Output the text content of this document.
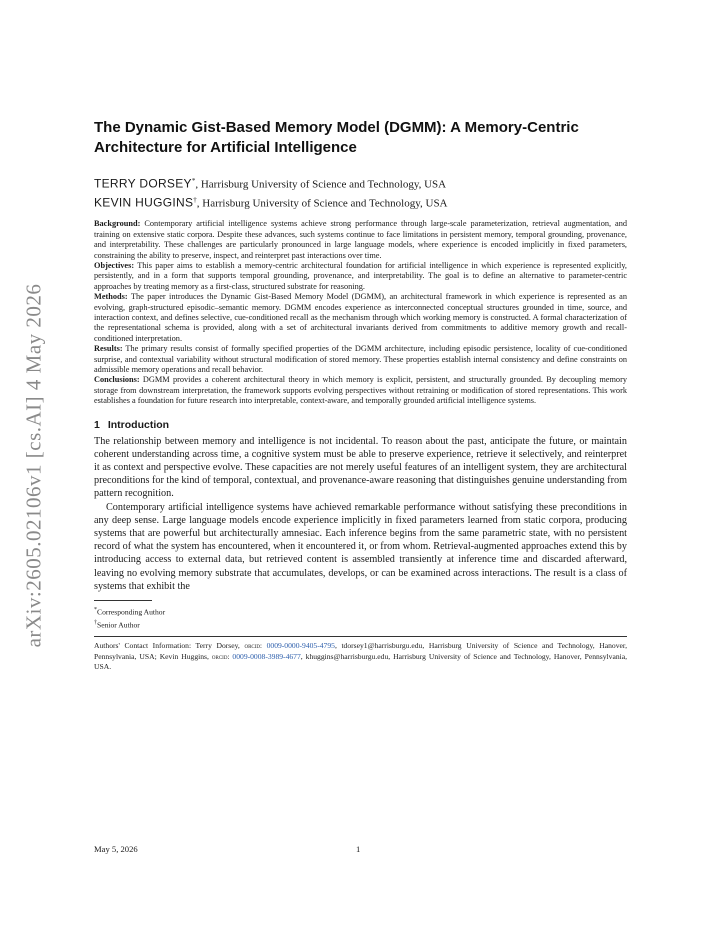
arXiv:2605.02106v1 [cs.AI] 4 May 2026
The Dynamic Gist-Based Memory Model (DGMM): A Memory-Centric Architecture for Artificial Intelligence

TERRY DORSEY*, Harrisburg University of Science and Technology, USA

KEVIN HUGGINS†, Harrisburg University of Science and Technology, USA

Background: Contemporary artificial intelligence systems achieve strong performance through large-scale parameterization, retrieval augmentation, and training on extensive static corpora. Despite these advances, such systems continue to face limitations in persistent memory, temporal grounding, provenance, and interpretability. These challenges are particularly pronounced in large language models, where experience is encoded implicitly in fixed parameters, constraining the ability to preserve, inspect, and reinterpret past interactions over time.

Objectives: This paper aims to establish a memory-centric architectural foundation for artificial intelligence in which experience is represented explicitly, persistently, and in a form that supports temporal grounding, provenance, and interpretability. The goal is to define an alternative to parameter-centric approaches by treating memory as a first-class, structured substrate for reasoning.

Methods: The paper introduces the Dynamic Gist-Based Memory Model (DGMM), an architectural framework in which experience is represented as an evolving, graph-structured episodic–semantic memory. DGMM encodes experience as interconnected conceptual structures grounded in time, source, and interaction context, and defines selective, cue-conditioned recall as the mechanism through which working memory is constructed. A formal characterization of the representational schema is provided, along with a set of architectural invariants derived from commitments to additive memory growth and recall-conditioned interpretation.

Results: The primary results consist of formally specified properties of the DGMM architecture, including episodic persistence, locality of cue-conditioned surprise, and contextual variability without structural modification of stored memory. These properties establish internal consistency and define constraints on admissible memory operations and recall behavior.

Conclusions: DGMM provides a coherent architectural theory in which memory is explicit, persistent, and structurally grounded. By decoupling memory storage from downstream interpretation, the framework supports evolving perspectives without retraining or modification of stored representations. This work establishes a foundation for future research into interpretable, context-aware, and temporally grounded artificial intelligence systems.

1 Introduction

The relationship between memory and intelligence is not incidental. To reason about the past, anticipate the future, or maintain coherent understanding across time, a cognitive system must be able to preserve experience, retrieve it selectively, and reinterpret it as context and perspective evolve. These capacities are not merely useful features of an intelligent system, they are architectural preconditions for the kind of temporal, contextual, and provenance-aware reasoning that distinguishes genuine understanding from pattern recognition.

Contemporary artificial intelligence systems have achieved remarkable performance without satisfying these preconditions in any deep sense. Large language models encode experience implicitly in fixed parameters learned from static corpora, producing systems that are powerful but architecturally amnesiac. Each inference begins from the same parametric state, with no persistent record of what the system has encountered, when it encountered it, or from whom. Retrieval-augmented approaches extend this by introducing access to external data, but retrieved content is assembled transiently at inference time and discarded afterward, leaving no evolving memory substrate that accumulates, develops, or can be examined across interactions. The result is a class of systems that exhibit the

*Corresponding Author

†Senior Author

Authors' Contact Information: Terry Dorsey, orcid: 0009-0000-9405-4795, tdorsey1@harrisburgu.edu, Harrisburg University of Science and Technology, Hanover, Pennsylvania, USA; Kevin Huggins, orcid: 0009-0008-3989-4677, khuggins@harrisburgu.edu, Harrisburg University of Science and Technology, Hanover, Pennsylvania, USA.
May 5, 2026	1
